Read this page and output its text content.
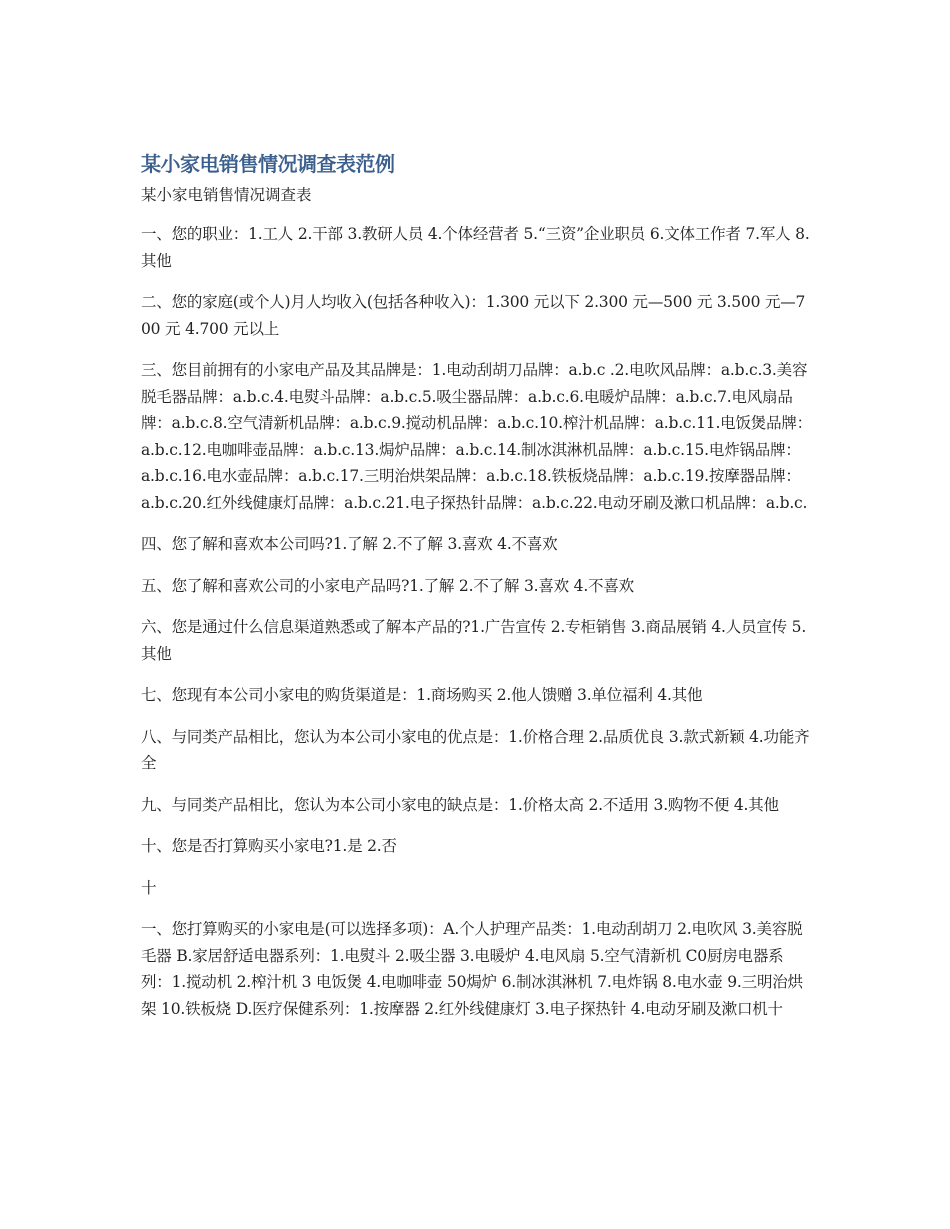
某小家电销售情况调查表范例
某小家电销售情况调查表

一、您的职业：1.工人 2.干部 3.教研人员 4.个体经营者 5.“三资”企业职员 6.文体工作者 7.军人 8.其他

二、您的家庭(或个人)月人均收入(包括各种收入)：1.300 元以下 2.300 元—500 元 3.500 元—700 元 4.700 元以上

三、您目前拥有的小家电产品及其品牌是：1.电动刮胡刀品牌：a.b.c .2.电吹风品牌：a.b.c.3.美容脱毛器品牌：a.b.c.4.电熨斗品牌：a.b.c.5.吸尘器品牌：a.b.c.6.电暖炉品牌：a.b.c.7.电风扇品牌：a.b.c.8.空气清新机品牌：a.b.c.9.搅动机品牌：a.b.c.10.榨汁机品牌：a.b.c.11.电饭煲品牌：a.b.c.12.电咖啡壶品牌：a.b.c.13.焗炉品牌：a.b.c.14.制冰淇淋机品牌：a.b.c.15.电炸锅品牌：a.b.c.16.电水壶品牌：a.b.c.17.三明治烘架品牌：a.b.c.18.铁板烧品牌：a.b.c.19.按摩器品牌：a.b.c.20.红外线健康灯品牌：a.b.c.21.电子探热针品牌：a.b.c.22.电动牙刷及漱口机品牌：a.b.c.

四、您了解和喜欢本公司吗?1.了解 2.不了解 3.喜欢 4.不喜欢

五、您了解和喜欢公司的小家电产品吗?1.了解 2.不了解 3.喜欢 4.不喜欢

六、您是通过什么信息渠道熟悉或了解本产品的?1.广告宣传 2.专柜销售 3.商品展销 4.人员宣传 5.其他

七、您现有本公司小家电的购货渠道是：1.商场购买 2.他人馈赠 3.单位福利 4.其他

八、与同类产品相比，您认为本公司小家电的优点是：1.价格合理 2.品质优良 3.款式新颖 4.功能齐全

九、与同类产品相比，您认为本公司小家电的缺点是：1.价格太高 2.不适用 3.购物不便 4.其他

十、您是否打算购买小家电?1.是 2.否

十

一、您打算购买的小家电是(可以选择多项)：A.个人护理产品类：1.电动刮胡刀 2.电吹风 3.美容脱毛器 B.家居舒适电器系列：1.电熨斗 2.吸尘器 3.电暖炉 4.电风扇 5.空气清新机 C0厨房电器系列：1.搅动机 2.榨汁机 3 电饭煲 4.电咖啡壶 50焗炉 6.制冰淇淋机 7.电炸锅 8.电水壶 9.三明治烘架 10.铁板烧 D.医疗保健系列：1.按摩器 2.红外线健康灯 3.电子探热针 4.电动牙刷及漱口机十
